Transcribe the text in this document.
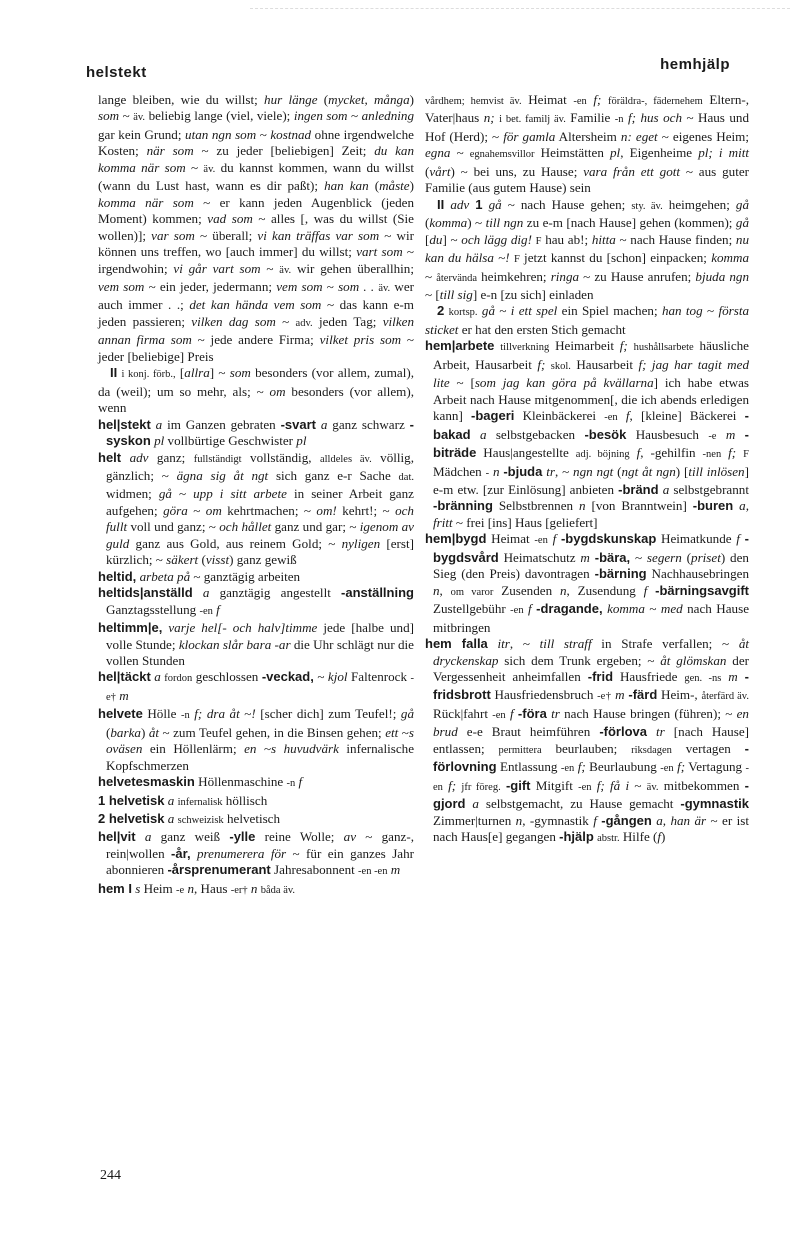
helstekt	hemhjälp

lange bleiben, wie du willst; hur länge (mycket, många) som ~ äv. beliebig lange (viel, viele); ingen som ~ anledning gar kein Grund; utan ngn som ~ kostnad ohne irgendwelche Kosten; när som ~ zu jeder [beliebigen] Zeit; du kan komma när som ~ äv. du kannst kommen, wann du willst (wann du Lust hast, wann es dir paßt); han kan (måste) komma när som ~ er kann jeden Augenblick (jeden Moment) kommen; vad som ~ alles [, was du willst (Sie wollen)]; var som ~ überall; vi kan träffas var som ~ wir können uns treffen, wo [auch immer] du willst; vart som ~ irgendwohin; vi går vart som ~ äv. wir gehen überallhin; vem som ~ ein jeder, jedermann; vem som ~ som . . äv. wer auch immer . .; det kan hända vem som ~ das kann e-m jeden passieren; vilken dag som ~ adv. jeden Tag; vilken annan firma som ~ jede andere Firma; vilket pris som ~ jeder [beliebige] Preis

II i konj. förb., [allra] ~ som besonders (vor allem, zumal), da (weil); um so mehr, als; ~ om besonders (vor allem), wenn

hel|stekt a im Ganzen gebraten -svart a ganz schwarz -syskon pl vollbürtige Geschwister pl

helt adv ganz; fullständigt vollständig, alldeles äv. völlig, gänzlich; ~ ägna sig åt ngt sich ganz e-r Sache dat. widmen; gå ~ upp i sitt arbete in seiner Arbeit ganz aufgehen; göra ~ om kehrtmachen; ~ om! kehrt!; ~ och fullt voll und ganz; ~ och hållet ganz und gar; ~ igenom av guld ganz aus Gold, aus reinem Gold; ~ nyligen [erst] kürzlich; ~ säkert (visst) ganz gewiß

heltid, arbeta på ~ ganztägig arbeiten

heltids|anställd a ganztägig angestellt -anställning Ganztagsstellung -en f

heltimm|e, varje hel[- och halv]timme jede [halbe und] volle Stunde; klockan slår bara -ar die Uhr schlägt nur die vollen Stunden

hel|täckt a fordon geschlossen -veckad, ~ kjol Faltenrock -e† m

helvete Hölle -n f; dra åt ~! [scher dich] zum Teufel!; gå (barka) åt ~ zum Teufel gehen, in die Binsen gehen; ett ~s oväsen ein Höllenlärm; en ~s huvudvärk infernalische Kopfschmerzen

helvetesmaskin Höllenmaschine -n f

1 helvetisk a infernalisk höllisch

2 helvetisk a schweizisk helvetisch

hel|vit a ganz weiß -ylle reine Wolle; av ~ ganz-, rein|wollen -år, prenumerera för ~ für ein ganzes Jahr abonnieren -årsprenumerant Jahresabonnent -en -en m

hem I s Heim -e n, Haus -er† n båda äv.

vårdhem; hemvist äv. Heimat -en f; föräldra-, fädernehem Eltern-, Vater|haus n; i bet. familj äv. Familie -n f; hus och ~ Haus und Hof (Herd); ~ för gamla Altersheim n: eget ~ eigenes Heim; egna ~ egnahemsvillor Heimstätten pl, Eigenheime pl; i mitt (vårt) ~ bei uns, zu Hause; vara från ett gott ~ aus guter Familie (aus gutem Hause) sein

II adv 1 gå ~ nach Hause gehen; sty. äv. heimgehen; gå (komma) ~ till ngn zu e-m [nach Hause] gehen (kommen); gå [du] ~ och lägg dig! F hau ab!; hitta ~ nach Hause finden; nu kan du hälsa ~! F jetzt kannst du [schon] einpacken; komma ~ återvända heimkehren; ringa ~ zu Hause anrufen; bjuda ngn ~ [till sig] e-n [zu sich] einladen

2 kortsp. gå ~ i ett spel ein Spiel machen; han tog ~ första sticket er hat den ersten Stich gemacht

hem|arbete tillverkning Heimarbeit f; hushållsarbete häusliche Arbeit, Hausarbeit f; skol. Hausarbeit f; jag har tagit med lite ~ [som jag kan göra på kvällarna] ich habe etwas Arbeit nach Hause mitgenommen[, die ich abends erledigen kann] -bageri Kleinbäckerei -en f, [kleine] Bäckerei -bakad a selbstgebacken -besök Hausbesuch -e m -biträde Haus|angestellte adj. böjning f, -gehilfin -nen f; F Mädchen - n -bjuda tr, ~ ngn ngt (ngt åt ngn) [till inlösen] e-m etw. [zur Einlösung] anbieten -bränd a selbstgebrannt -bränning Selbstbrennen n [von Branntwein] -buren a, fritt ~ frei [ins] Haus [geliefert]

hem|bygd Heimat -en f -bygdskunskap Heimatkunde f -bygdsvård Heimatschutz m -bära, ~ segern (priset) den Sieg (den Preis) davontragen -bärning Nachhausebringen n, om varor Zusenden n, Zusendung f -bärningsavgift Zustellgebühr -en f -dragande, komma ~ med nach Hause mitbringen

hem falla itr, ~ till straff in Strafe verfallen; ~ åt dryckenskap sich dem Trunk ergeben; ~ åt glömskan der Vergessenheit anheimfallen -frid Hausfriede gen. -ns m -fridsbrott Hausfriedensbruch -e† m -färd Heim-, återfärd äv. Rück|fahrt -en f -föra tr nach Hause bringen (führen); ~ en brud e-e Braut heimführen -förlova tr [nach Hause] entlassen; permittera beurlauben; riksdagen vertagen -förlovning Entlassung -en f; Beurlaubung -en f; Vertagung -en f; jfr föreg. -gift Mitgift -en f; få i ~ äv. mitbekommen -gjord a selbstgemacht, zu Hause gemacht -gymnastik Zimmer|turnen n, -gymnastik f -gången a, han är ~ er ist nach Haus[e] gegangen -hjälp abstr. Hilfe (f)

244
